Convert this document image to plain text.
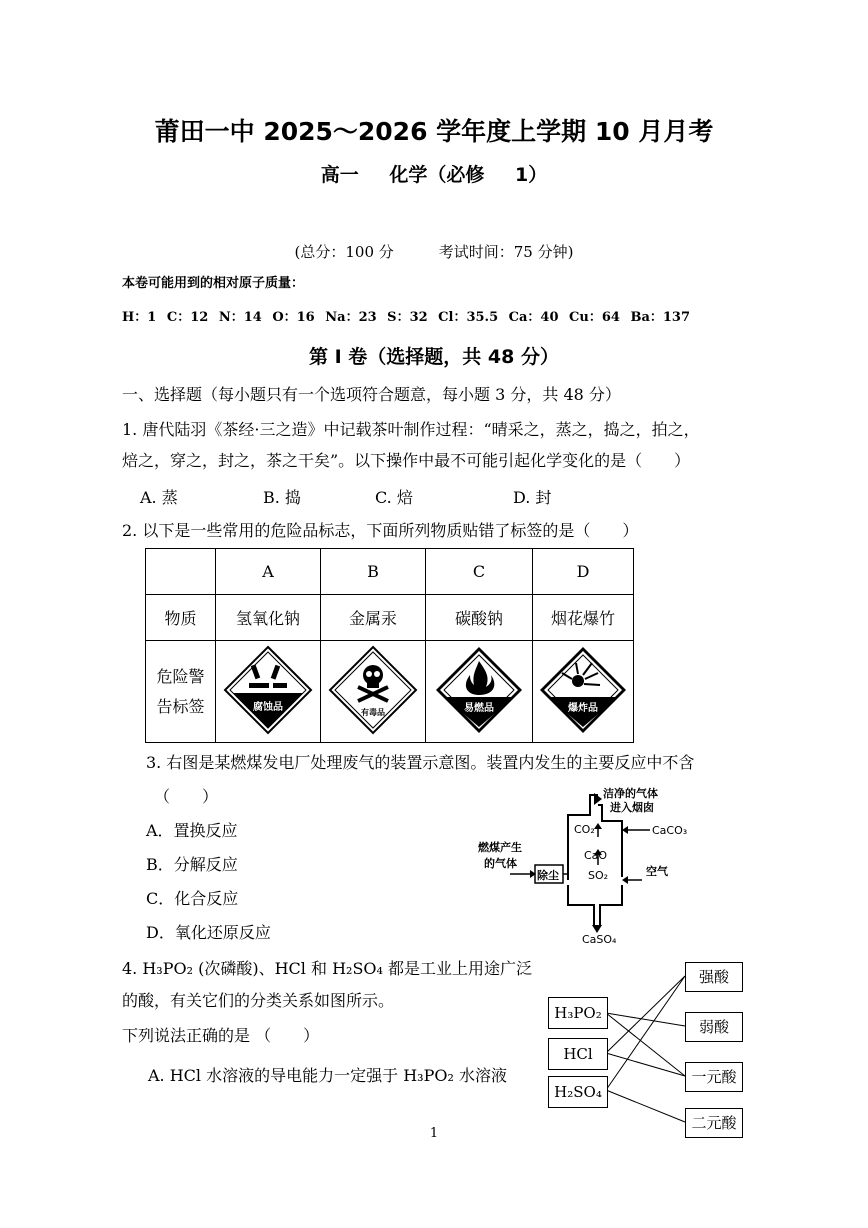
莆田一中 2025～2026 学年度上学期 10 月月考
高一 化学（必修 1）
(总分：100 分　　　考试时间：75 分钟)
本卷可能用到的相对原子质量：
H：1 C：12 N：14 O：16 Na：23 S：32 Cl：35.5 Ca：40 Cu：64 Ba：137
第 I 卷（选择题，共 48 分）
一、选择题（每小题只有一个选项符合题意，每小题 3 分，共 48 分）
1. 唐代陆羽《茶经·三之造》中记载茶叶制作过程：“晴采之，蒸之，捣之，拍之，
焙之，穿之，封之，茶之干矣”。以下操作中最不可能引起化学变化的是（　　）
A. 蒸	B. 捣	C. 焙	D. 封
2. 以下是一些常用的危险品标志，下面所列物质贴错了标签的是（　　）
	A	B	C	D
物质	氢氧化钠	金属汞	碳酸钠	烟花爆竹

危险警
告标签	腐蚀品	有毒品	易燃品	爆炸品
3. 右图是某燃煤发电厂处理废气的装置示意图。装置内发生的主要反应中不含
（　　）
A．置换反应
B．分解反应
C．化合反应
D．氧化还原反应
洁净的气体
进入烟囱
CO₂	CaCO₃
CaO
燃煤产生
的气体
除尘	SO₂	空气
CaSO₄
4. H₃PO₂ (次磷酸)、HCl 和 H₂SO₄ 都是工业上用途广泛
的酸，有关它们的分类关系如图所示。
下列说法正确的是 （　　）
A. HCl 水溶液的导电能力一定强于 H₃PO₂ 水溶液
H₃PO₂
HCl
H₂SO₄
强酸
弱酸
一元酸
二元酸
1
